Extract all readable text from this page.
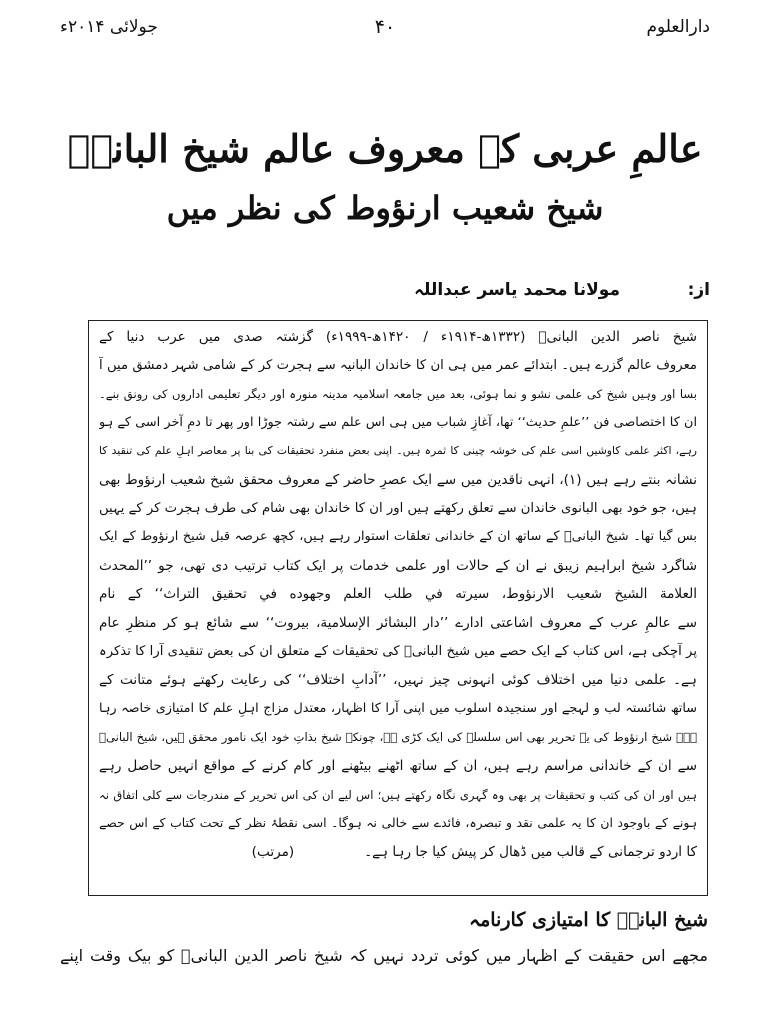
دارالعلوم
۴۰
جولائی ۲۰۱۴ء
عالمِ عربی کے معروف عالم شیخ البانیؒ
شیخ شعیب ارنؤوط کی نظر میں
از:
مولانا محمد یاسر عبداللہ
شیخ ناصر الدین البانیؒ (۱۳۳۲ھ-۱۹۱۴ء / ۱۴۲۰ھ-۱۹۹۹ء) گزشتہ صدی میں عرب دنیا کے
معروف عالم گزرے ہیں۔ ابتدائے عمر میں ہی ان کا خاندان البانیہ سے ہجرت کر کے شامی شہر دمشق میں آ
بسا اور وہیں شیخ کی علمی نشو و نما ہوئی، بعد میں جامعہ اسلامیہ مدینہ منورہ اور دیگر تعلیمی اداروں کی رونق بنے۔
ان کا اختصاصی فن ’’علمِ حدیث‘‘ تھا، آغازِ شباب میں ہی اس علم سے رشتہ جوڑا اور پھر تا دمِ آخر اسی کے ہو
رہے، اکثر علمی کاوشیں اسی علم کی خوشہ چینی کا ثمرہ ہیں۔ اپنی بعض منفرد تحقیقات کی بنا پر معاصر اہلِ علم کی تنقید کا
نشانہ بنتے رہے ہیں (۱)، انہی ناقدین میں سے ایک عصرِ حاضر کے معروف محقق شیخ شعیب ارنؤوط بھی
ہیں، جو خود بھی البانوی خاندان سے تعلق رکھتے ہیں اور ان کا خاندان بھی شام کی طرف ہجرت کر کے یہیں
بس گیا تھا۔ شیخ البانیؒ کے ساتھ ان کے خاندانی تعلقات استوار رہے ہیں، کچھ عرصہ قبل شیخ ارنؤوط کے ایک
شاگرد شیخ ابراہیم زیبق نے ان کے حالات اور علمی خدمات پر ایک کتاب ترتیب دی تھی، جو ’’المحدث
العلامة الشيخ شعيب الارنؤوط، سيرته في طلب العلم وجهوده في تحقيق التراث‘‘ کے نام
سے عالمِ عرب کے معروف اشاعتی ادارے ’’دار البشائر الإسلامية، بيروت‘‘ سے شائع ہو کر منظرِ عام
پر آچکی ہے، اس کتاب کے ایک حصے میں شیخ البانیؒ کی تحقیقات کے متعلق ان کی بعض تنقیدی آرا کا تذکرہ
ہے۔ علمی دنیا میں اختلاف کوئی انہونی چیز نہیں، ’’آدابِ اختلاف‘‘ کی رعایت رکھتے ہوئے متانت کے
ساتھ شائستہ لب و لہجے اور سنجیدہ اسلوب میں اپنی آرا کا اظہار، معتدل مزاج اہلِ علم کا امتیازی خاصہ رہا
ہے۔ شیخ ارنؤوط کی یہ تحریر بھی اس سلسلے کی ایک کڑی ہے، چونکہ شیخ بذاتِ خود ایک نامور محقق ہیں، شیخ البانیؒ
سے ان کے خاندانی مراسم رہے ہیں، ان کے ساتھ اٹھنے بیٹھنے اور کام کرنے کے مواقع انہیں حاصل رہے
ہیں اور ان کی کتب و تحقیقات پر بھی وہ گہری نگاہ رکھتے ہیں؛ اس لیے ان کی اس تحریر کے مندرجات سے کلی اتفاق نہ
ہونے کے باوجود ان کا یہ علمی نقد و تبصرہ، فائدے سے خالی نہ ہوگا۔ اسی نقطۂ نظر کے تحت کتاب کے اس حصے
کا اردو ترجمانی کے قالب میں ڈھال کر پیش کیا جا رہا ہے۔(مرتب)
شیخ البانیؒ کا امتیازی کارنامہ
مجھے اس حقیقت کے اظہار میں کوئی تردد نہیں کہ شیخ ناصر الدین البانیؒ کو بیک وقت اپنے
